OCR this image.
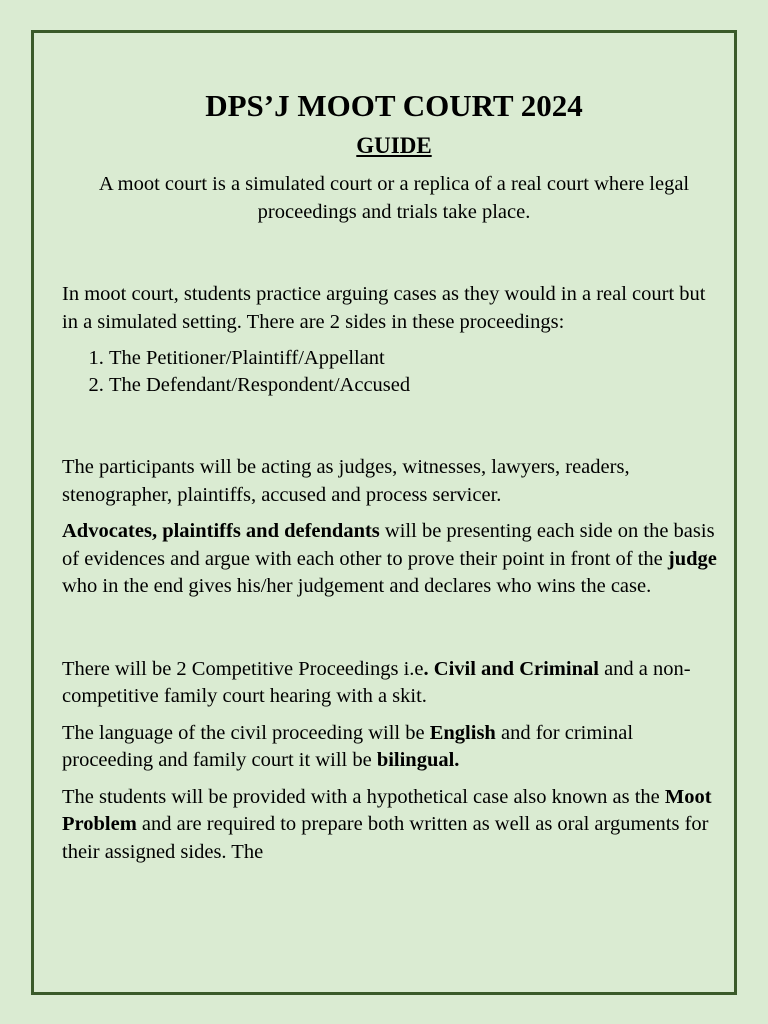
DPS’J MOOT COURT 2024
GUIDE
A moot court is a simulated court or a replica of a real court where legal proceedings and trials take place.

In moot court, students practice arguing cases as they would in a real court but in a simulated setting. There are 2 sides in these proceedings:

1. The Petitioner/Plaintiff/Appellant
2. The Defendant/Respondent/Accused

The participants will be acting as judges, witnesses, lawyers, readers, stenographer, plaintiffs, accused and process servicer.

Advocates, plaintiffs and defendants will be presenting each side on the basis of evidences and argue with each other to prove their point in front of the judge who in the end gives his/her judgement and declares who wins the case.

There will be 2 Competitive Proceedings i.e. Civil and Criminal and a non-competitive family court hearing with a skit.

The language of the civil proceeding will be English and for criminal proceeding and family court it will be bilingual.

The students will be provided with a hypothetical case also known as the Moot Problem and are required to prepare both written as well as oral arguments for their assigned sides. The
